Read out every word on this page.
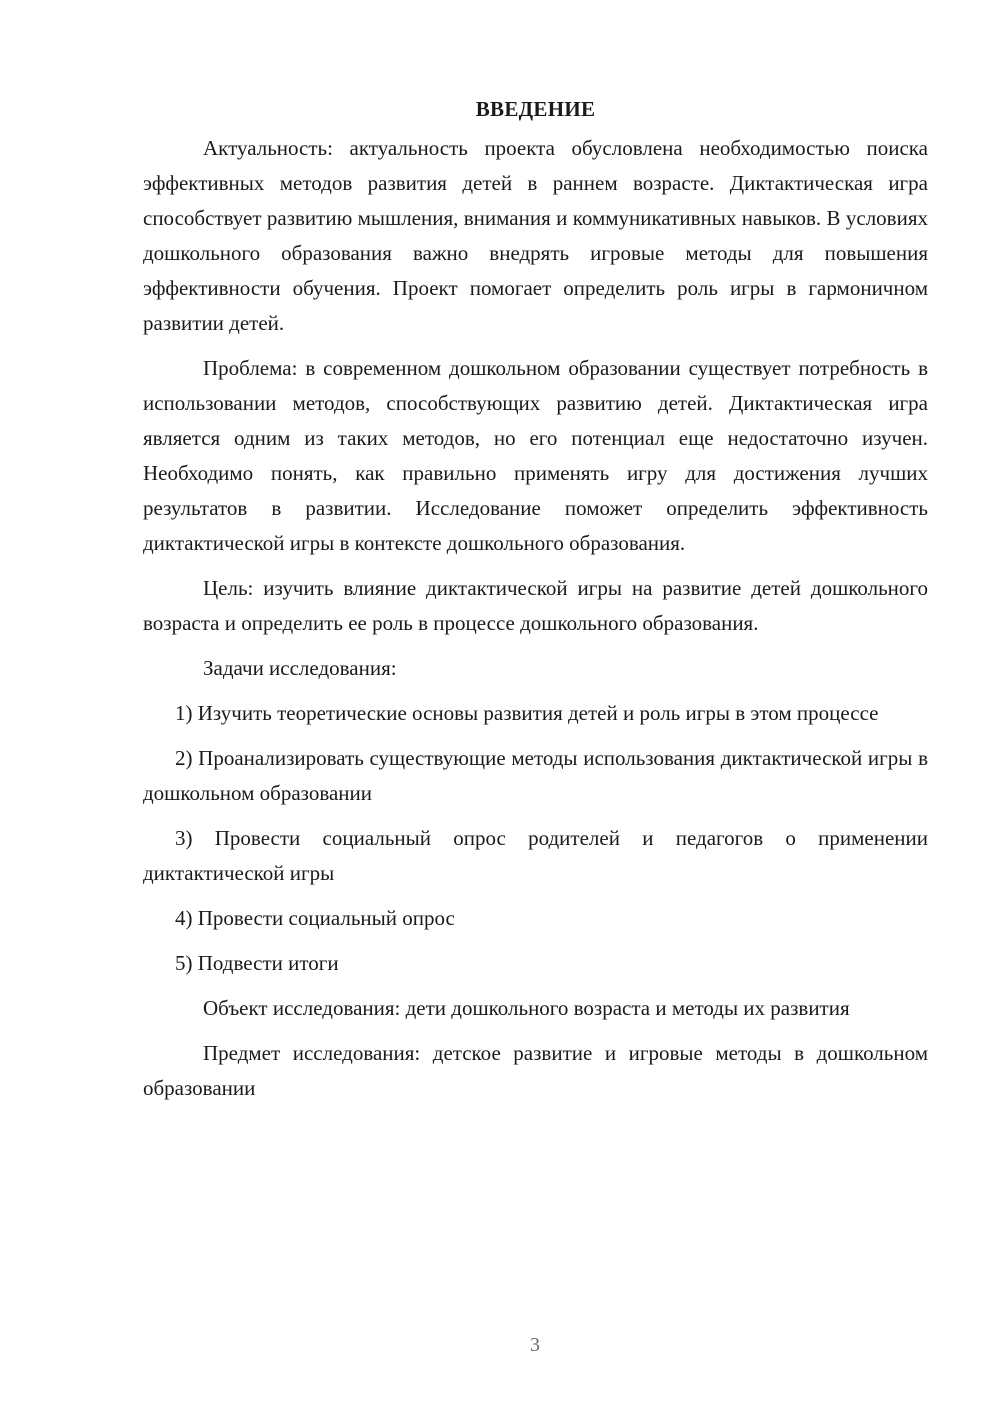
ВВЕДЕНИЕ

Актуальность: актуальность проекта обусловлена необходимостью поиска эффективных методов развития детей в раннем возрасте. Диктактическая игра способствует развитию мышления, внимания и коммуникативных навыков. В условиях дошкольного образования важно внедрять игровые методы для повышения эффективности обучения. Проект помогает определить роль игры в гармоничном развитии детей.

Проблема: в современном дошкольном образовании существует потребность в использовании методов, способствующих развитию детей. Диктактическая игра является одним из таких методов, но его потенциал еще недостаточно изучен. Необходимо понять, как правильно применять игру для достижения лучших результатов в развитии. Исследование поможет определить эффективность диктактической игры в контексте дошкольного образования.

Цель: изучить влияние диктактической игры на развитие детей дошкольного возраста и определить ее роль в процессе дошкольного образования.

Задачи исследования:

1) Изучить теоретические основы развития детей и роль игры в этом процессе

2) Проанализировать существующие методы использования диктактической игры в дошкольном образовании

3) Провести социальный опрос родителей и педагогов о применении диктактической игры

4) Провести социальный опрос

5) Подвести итоги

Объект исследования: дети дошкольного возраста и методы их развития

Предмет исследования: детское развитие и игровые методы в дошкольном образовании

3
